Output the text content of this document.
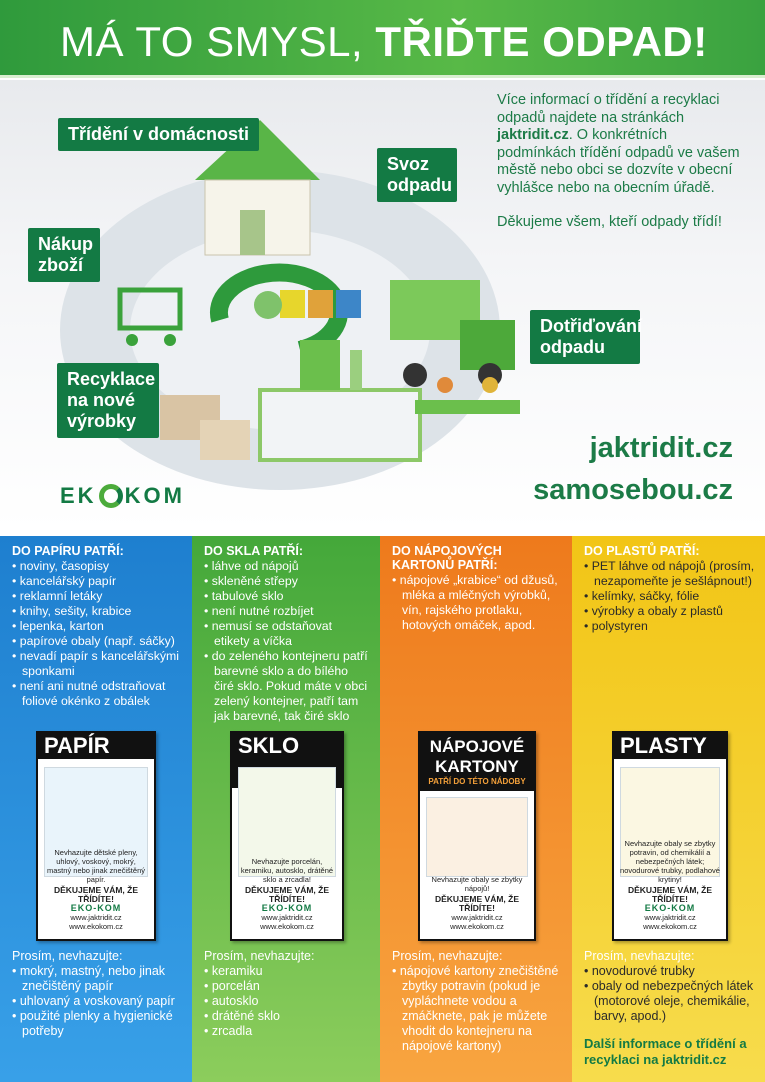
MÁ TO SMYSL, TŘIĎTE ODPAD!
Třídění v domácnosti
Svoz odpadu
Nákup zboží
Dotřiďování odpadu
Recyklace na nové výrobky

Více informací o třídění a recyklaci odpadů najdete na stránkách jaktridit.cz. O konkrétních podmínkách třídění odpadů ve vašem městě nebo obci se dozvíte v obecní vyhlášce nebo na obecním úřadě.

Děkujeme všem, kteří odpady třídí!

jaktridit.cz
samosebou.cz
EK KOM
DO PAPÍRU PATŘÍ:
• noviny, časopisy
• kancelářský papír
• reklamní letáky
• knihy, sešity, krabice
• lepenka, karton
• papírové obaly (např. sáčky)
• nevadí papír s kancelářskými sponkami
• není ani nutné odstraňovat foliové okénko z obálek
PAPÍR
Nevhazujte dětské pleny, uhlový, voskový, mokrý, mastný nebo jinak znečištěný papír.
DĚKUJEME VÁM, ŽE TŘÍDÍTE!
EKO-KOM
www.jaktridit.cz www.ekokom.cz
Prosím, nevhazujte:
• mokrý, mastný, nebo jinak znečištěný papír
• uhlovaný a voskovaný papír
• použité plenky a hygienické potřeby
DO SKLA PATŘÍ:
• láhve od nápojů
• skleněné střepy
• tabulové sklo
• není nutné rozbíjet
• nemusí se odstaňovat etikety a víčka
• do zeleného kontejneru patří barevné sklo a do bílého čiré sklo. Pokud máte v obci zelený kontejner, patří tam jak barevné, tak čiré sklo
SKLO
Nevhazujte porcelán, keramiku, autosklo, drátěné sklo a zrcadla!
DĚKUJEME VÁM, ŽE TŘÍDÍTE!
EKO-KOM
www.jaktridit.cz www.ekokom.cz
Prosím, nevhazujte:
• keramiku
• porcelán
• autosklo
• drátěné sklo
• zrcadla
DO NÁPOJOVÝCH KARTONŮ PATŘÍ:
• nápojové „krabice“ od džusů, mléka a mléčných výrobků, vín, rajského protlaku, hotových omáček, apod.
NÁPOJOVÉ KARTONY
PATŘÍ DO TÉTO NÁDOBY
Nevhazujte obaly se zbytky nápojů!
DĚKUJEME VÁM, ŽE TŘÍDÍTE!
www.jaktridit.cz www.ekokom.cz
Prosím, nevhazujte:
• nápojové kartony znečištěné zbytky potravin (pokud je vypláchnete vodou a zmáčknete, pak je můžete vhodit do kontejneru na nápojové kartony)
DO PLASTŮ PATŘÍ:
• PET láhve od nápojů (prosím, nezapomeňte je sešlápnout!)
• kelímky, sáčky, fólie
• výrobky a obaly z plastů
• polystyren
PLASTY
Nevhazujte obaly se zbytky potravin, od chemikálií a nebezpečných látek; novodurové trubky, podlahové krytiny!
DĚKUJEME VÁM, ŽE TŘÍDÍTE!
EKO-KOM
www.jaktridit.cz www.ekokom.cz
Prosím, nevhazujte:
• novodurové trubky
• obaly od nebezpečných látek (motorové oleje, chemikálie, barvy, apod.)
Další informace o třídění a recyklaci na jaktridit.cz
